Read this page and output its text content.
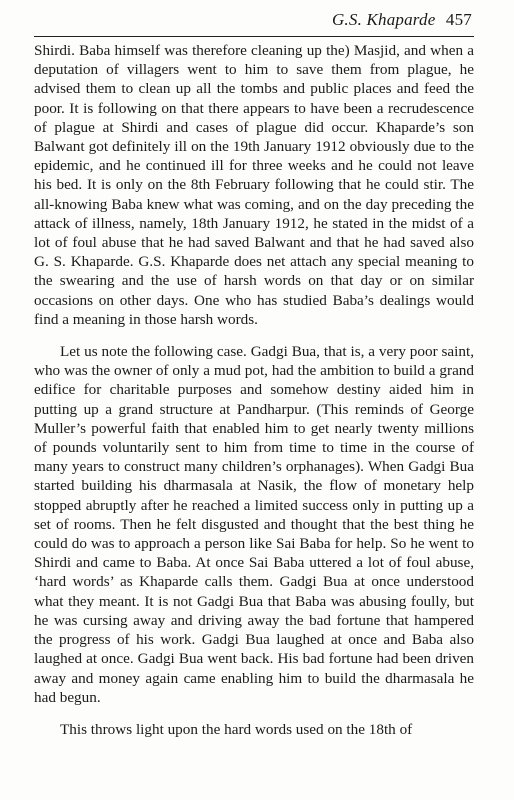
G.S. Khaparde 457

Shirdi. Baba himself was therefore cleaning up the) Masjid, and when a deputation of villagers went to him to save them from plague, he advised them to clean up all the tombs and public places and feed the poor. It is following on that there appears to have been a recrudescence of plague at Shirdi and cases of plague did occur. Khaparde’s son Balwant got definitely ill on the 19th January 1912 obviously due to the epidemic, and he continued ill for three weeks and he could not leave his bed. It is only on the 8th February following that he could stir. The all-knowing Baba knew what was coming, and on the day preceding the attack of illness, namely, 18th January 1912, he stated in the midst of a lot of foul abuse that he had saved Balwant and that he had saved also G. S. Khaparde. G.S. Khaparde does net attach any special meaning to the swearing and the use of harsh words on that day or on similar occasions on other days. One who has studied Baba’s dealings would find a meaning in those harsh words.

Let us note the following case. Gadgi Bua, that is, a very poor saint, who was the owner of only a mud pot, had the ambition to build a grand edifice for charitable purposes and somehow destiny aided him in putting up a grand structure at Pandharpur. (This reminds of George Muller’s powerful faith that enabled him to get nearly twenty millions of pounds voluntarily sent to him from time to time in the course of many years to construct many children’s orphanages). When Gadgi Bua started building his dharmasala at Nasik, the flow of monetary help stopped abruptly after he reached a limited success only in putting up a set of rooms. Then he felt disgusted and thought that the best thing he could do was to approach a person like Sai Baba for help. So he went to Shirdi and came to Baba. At once Sai Baba uttered a lot of foul abuse, ‘hard words’ as Khaparde calls them. Gadgi Bua at once understood what they meant. It is not Gadgi Bua that Baba was abusing foully, but he was cursing away and driving away the bad fortune that hampered the progress of his work. Gadgi Bua laughed at once and Baba also laughed at once. Gadgi Bua went back. His bad fortune had been driven away and money again came enabling him to build the dharmasala he had begun.

This throws light upon the hard words used on the 18th of
